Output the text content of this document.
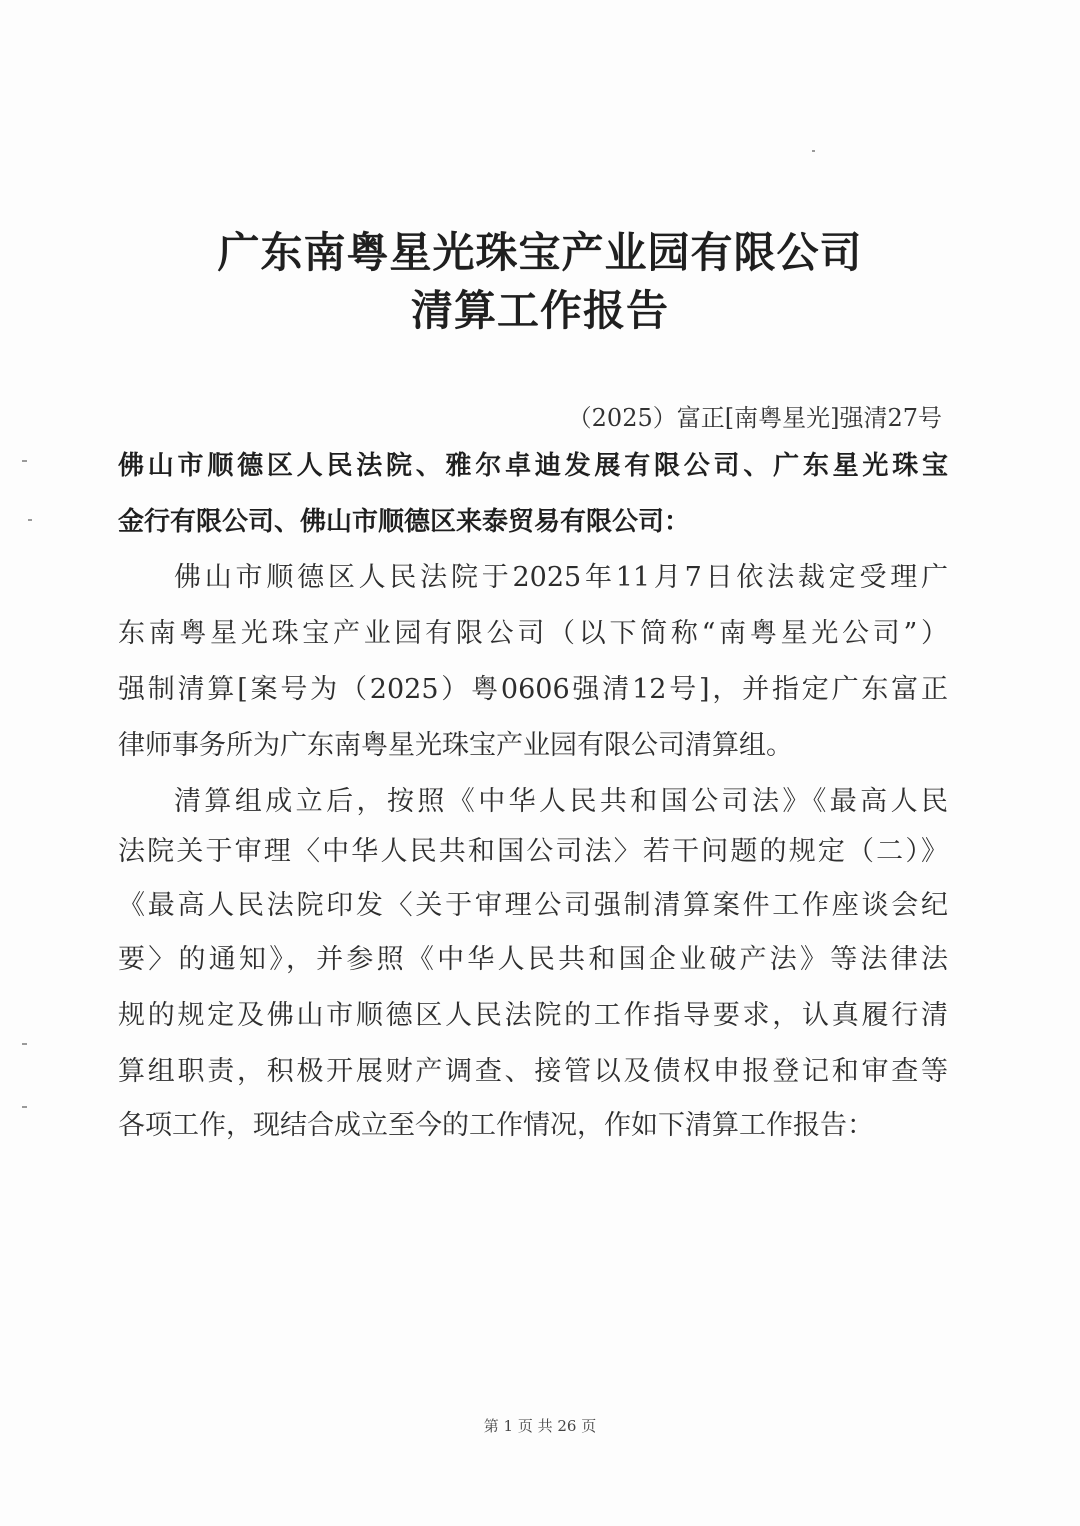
广东南粤星光珠宝产业园有限公司
清算工作报告
（2025）富正[南粤星光]强清27号
佛山市顺德区人民法院、雅尔卓迪发展有限公司、广东星光珠宝
金行有限公司、佛山市顺德区来泰贸易有限公司：
佛山市顺德区人民法院于2025年11月7日依法裁定受理广
东南粤星光珠宝产业园有限公司（以下简称“南粤星光公司”）
强制清算[案号为（2025）粤0606强清12号]，并指定广东富正
律师事务所为广东南粤星光珠宝产业园有限公司清算组。
清算组成立后，按照《中华人民共和国公司法》《最高人民
法院关于审理〈中华人民共和国公司法〉若干问题的规定（二）》
《最高人民法院印发〈关于审理公司强制清算案件工作座谈会纪
要〉的通知》，并参照《中华人民共和国企业破产法》等法律法
规的规定及佛山市顺德区人民法院的工作指导要求，认真履行清
算组职责，积极开展财产调查、接管以及债权申报登记和审查等
各项工作，现结合成立至今的工作情况，作如下清算工作报告：
第 1 页 共 26 页
